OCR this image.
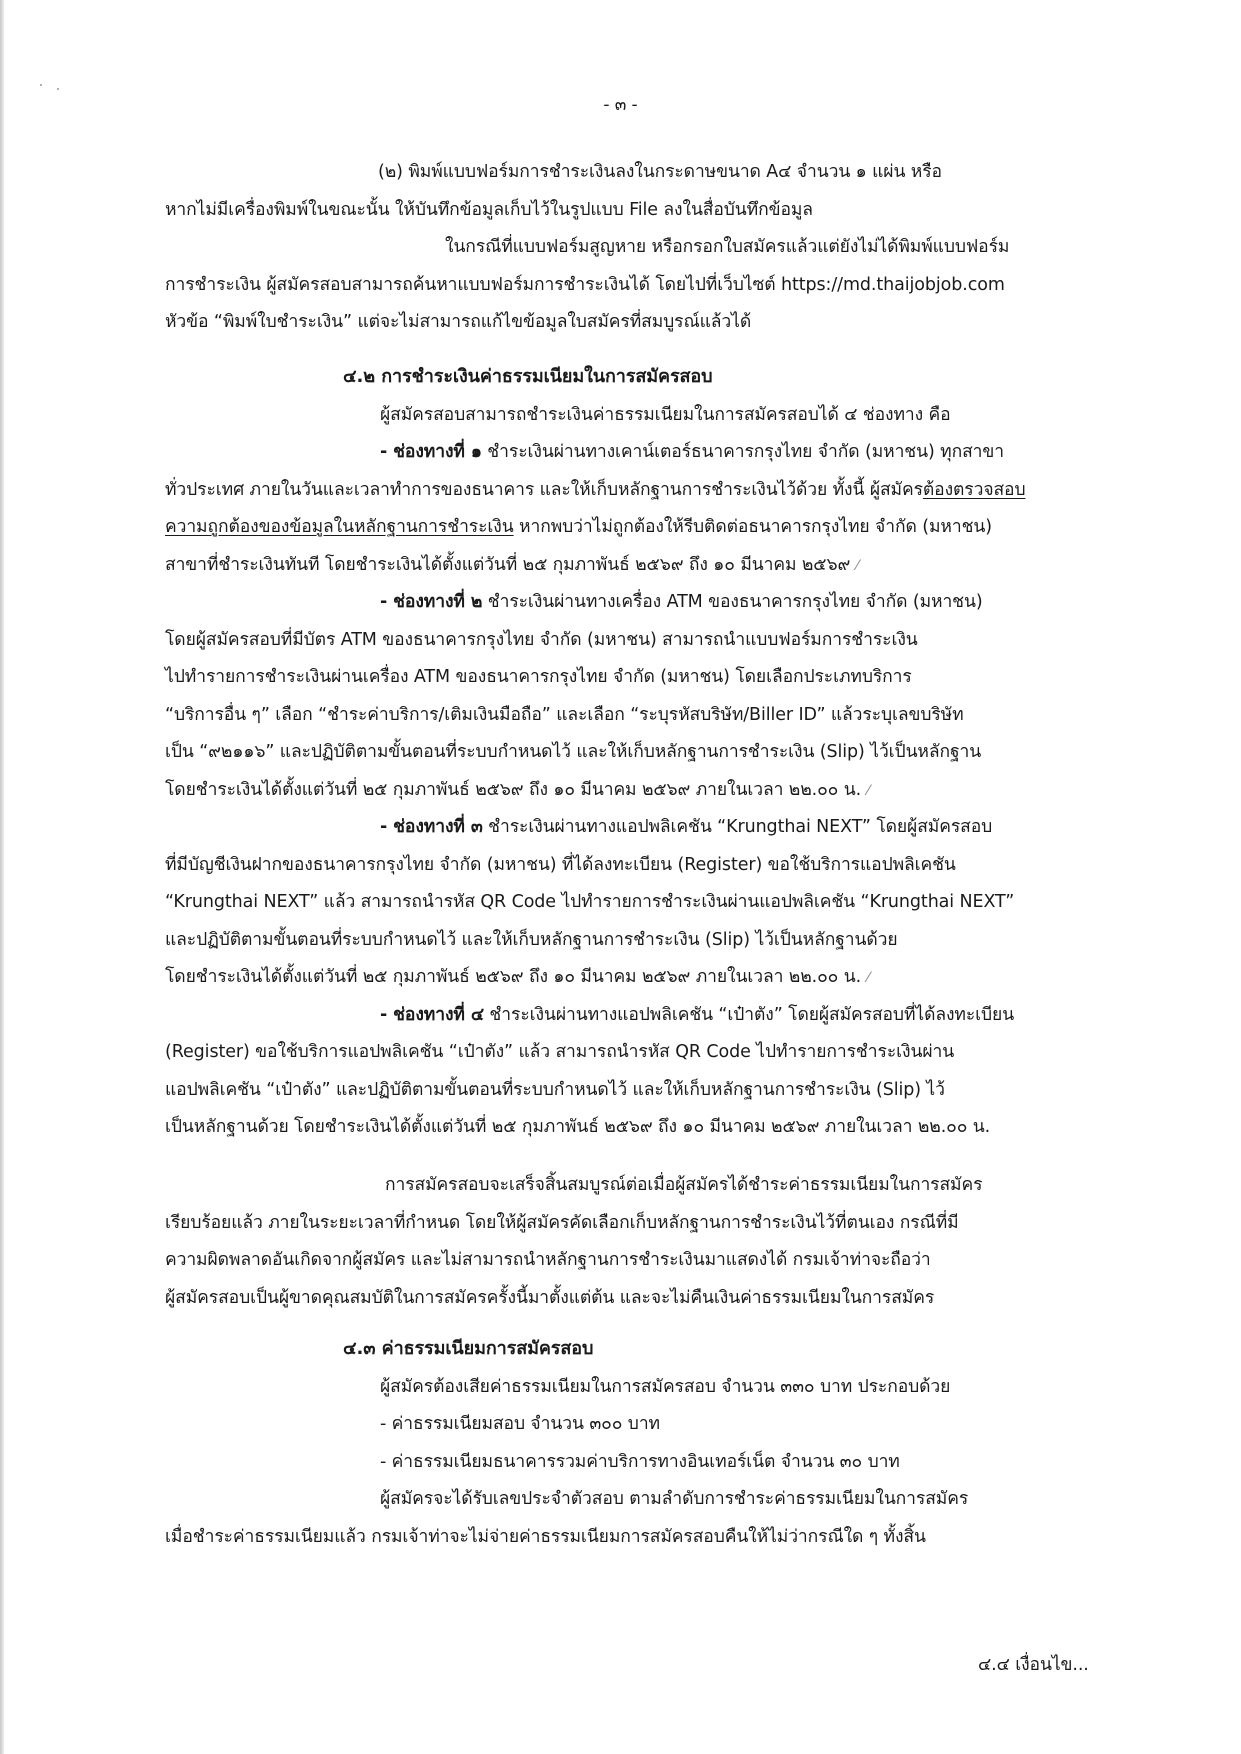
- ๓ -
(๒) พิมพ์แบบฟอร์มการชำระเงินลงในกระดาษขนาด A๔ จำนวน ๑ แผ่น หรือ
หากไม่มีเครื่องพิมพ์ในขณะนั้น ให้บันทึกข้อมูลเก็บไว้ในรูปแบบ File ลงในสื่อบันทึกข้อมูล
ในกรณีที่แบบฟอร์มสูญหาย หรือกรอกใบสมัครแล้วแต่ยังไม่ได้พิมพ์แบบฟอร์ม
การชำระเงิน ผู้สมัครสอบสามารถค้นหาแบบฟอร์มการชำระเงินได้ โดยไปที่เว็บไซต์ https://md.thaijobjob.com
หัวข้อ “พิมพ์ใบชำระเงิน” แต่จะไม่สามารถแก้ไขข้อมูลใบสมัครที่สมบูรณ์แล้วได้
๔.๒ การชำระเงินค่าธรรมเนียมในการสมัครสอบ
ผู้สมัครสอบสามารถชำระเงินค่าธรรมเนียมในการสมัครสอบได้ ๔ ช่องทาง คือ
- ช่องทางที่ ๑ ชำระเงินผ่านทางเคาน์เตอร์ธนาคารกรุงไทย จำกัด (มหาชน) ทุกสาขา
ทั่วประเทศ ภายในวันและเวลาทำการของธนาคาร และให้เก็บหลักฐานการชำระเงินไว้ด้วย ทั้งนี้ ผู้สมัครต้องตรวจสอบ
ความถูกต้องของข้อมูลในหลักฐานการชำระเงิน หากพบว่าไม่ถูกต้องให้รีบติดต่อธนาคารกรุงไทย จำกัด (มหาชน)
สาขาที่ชำระเงินทันที โดยชำระเงินได้ตั้งแต่วันที่ ๒๕ กุมภาพันธ์ ๒๕๖๙ ถึง ๑๐ มีนาคม ๒๕๖๙ ⁄
- ช่องทางที่ ๒ ชำระเงินผ่านทางเครื่อง ATM ของธนาคารกรุงไทย จำกัด (มหาชน)
โดยผู้สมัครสอบที่มีบัตร ATM ของธนาคารกรุงไทย จำกัด (มหาชน) สามารถนำแบบฟอร์มการชำระเงิน
ไปทำรายการชำระเงินผ่านเครื่อง ATM ของธนาคารกรุงไทย จำกัด (มหาชน) โดยเลือกประเภทบริการ
“บริการอื่น ๆ” เลือก “ชำระค่าบริการ/เติมเงินมือถือ” และเลือก “ระบุรหัสบริษัท/Biller ID” แล้วระบุเลขบริษัท
เป็น “๙๒๑๑๖” และปฏิบัติตามขั้นตอนที่ระบบกำหนดไว้ และให้เก็บหลักฐานการชำระเงิน (Slip) ไว้เป็นหลักฐาน
โดยชำระเงินได้ตั้งแต่วันที่ ๒๕ กุมภาพันธ์ ๒๕๖๙ ถึง ๑๐ มีนาคม ๒๕๖๙ ภายในเวลา ๒๒.๐๐ น. ⁄
- ช่องทางที่ ๓ ชำระเงินผ่านทางแอปพลิเคชัน “Krungthai NEXT” โดยผู้สมัครสอบ
ที่มีบัญชีเงินฝากของธนาคารกรุงไทย จำกัด (มหาชน) ที่ได้ลงทะเบียน (Register) ขอใช้บริการแอปพลิเคชัน
“Krungthai NEXT” แล้ว สามารถนำรหัส QR Code ไปทำรายการชำระเงินผ่านแอปพลิเคชัน “Krungthai NEXT”
และปฏิบัติตามขั้นตอนที่ระบบกำหนดไว้ และให้เก็บหลักฐานการชำระเงิน (Slip) ไว้เป็นหลักฐานด้วย
โดยชำระเงินได้ตั้งแต่วันที่ ๒๕ กุมภาพันธ์ ๒๕๖๙ ถึง ๑๐ มีนาคม ๒๕๖๙ ภายในเวลา ๒๒.๐๐ น. ⁄
- ช่องทางที่ ๔ ชำระเงินผ่านทางแอปพลิเคชัน “เป๋าตัง” โดยผู้สมัครสอบที่ได้ลงทะเบียน
(Register) ขอใช้บริการแอปพลิเคชัน “เป๋าตัง” แล้ว สามารถนำรหัส QR Code ไปทำรายการชำระเงินผ่าน
แอปพลิเคชัน “เป๋าตัง” และปฏิบัติตามขั้นตอนที่ระบบกำหนดไว้ และให้เก็บหลักฐานการชำระเงิน (Slip) ไว้
เป็นหลักฐานด้วย โดยชำระเงินได้ตั้งแต่วันที่ ๒๕ กุมภาพันธ์ ๒๕๖๙ ถึง ๑๐ มีนาคม ๒๕๖๙ ภายในเวลา ๒๒.๐๐ น.
การสมัครสอบจะเสร็จสิ้นสมบูรณ์ต่อเมื่อผู้สมัครได้ชำระค่าธรรมเนียมในการสมัคร
เรียบร้อยแล้ว ภายในระยะเวลาที่กำหนด โดยให้ผู้สมัครคัดเลือกเก็บหลักฐานการชำระเงินไว้ที่ตนเอง กรณีที่มี
ความผิดพลาดอันเกิดจากผู้สมัคร และไม่สามารถนำหลักฐานการชำระเงินมาแสดงได้ กรมเจ้าท่าจะถือว่า
ผู้สมัครสอบเป็นผู้ขาดคุณสมบัติในการสมัครครั้งนี้มาตั้งแต่ต้น และจะไม่คืนเงินค่าธรรมเนียมในการสมัคร
๔.๓ ค่าธรรมเนียมการสมัครสอบ
ผู้สมัครต้องเสียค่าธรรมเนียมในการสมัครสอบ จำนวน ๓๓๐ บาท ประกอบด้วย
- ค่าธรรมเนียมสอบ จำนวน ๓๐๐ บาท
- ค่าธรรมเนียมธนาคารรวมค่าบริการทางอินเทอร์เน็ต จำนวน ๓๐ บาท
ผู้สมัครจะได้รับเลขประจำตัวสอบ ตามลำดับการชำระค่าธรรมเนียมในการสมัคร
เมื่อชำระค่าธรรมเนียมแล้ว กรมเจ้าท่าจะไม่จ่ายค่าธรรมเนียมการสมัครสอบคืนให้ไม่ว่ากรณีใด ๆ ทั้งสิ้น
๔.๔ เงื่อนไข...
